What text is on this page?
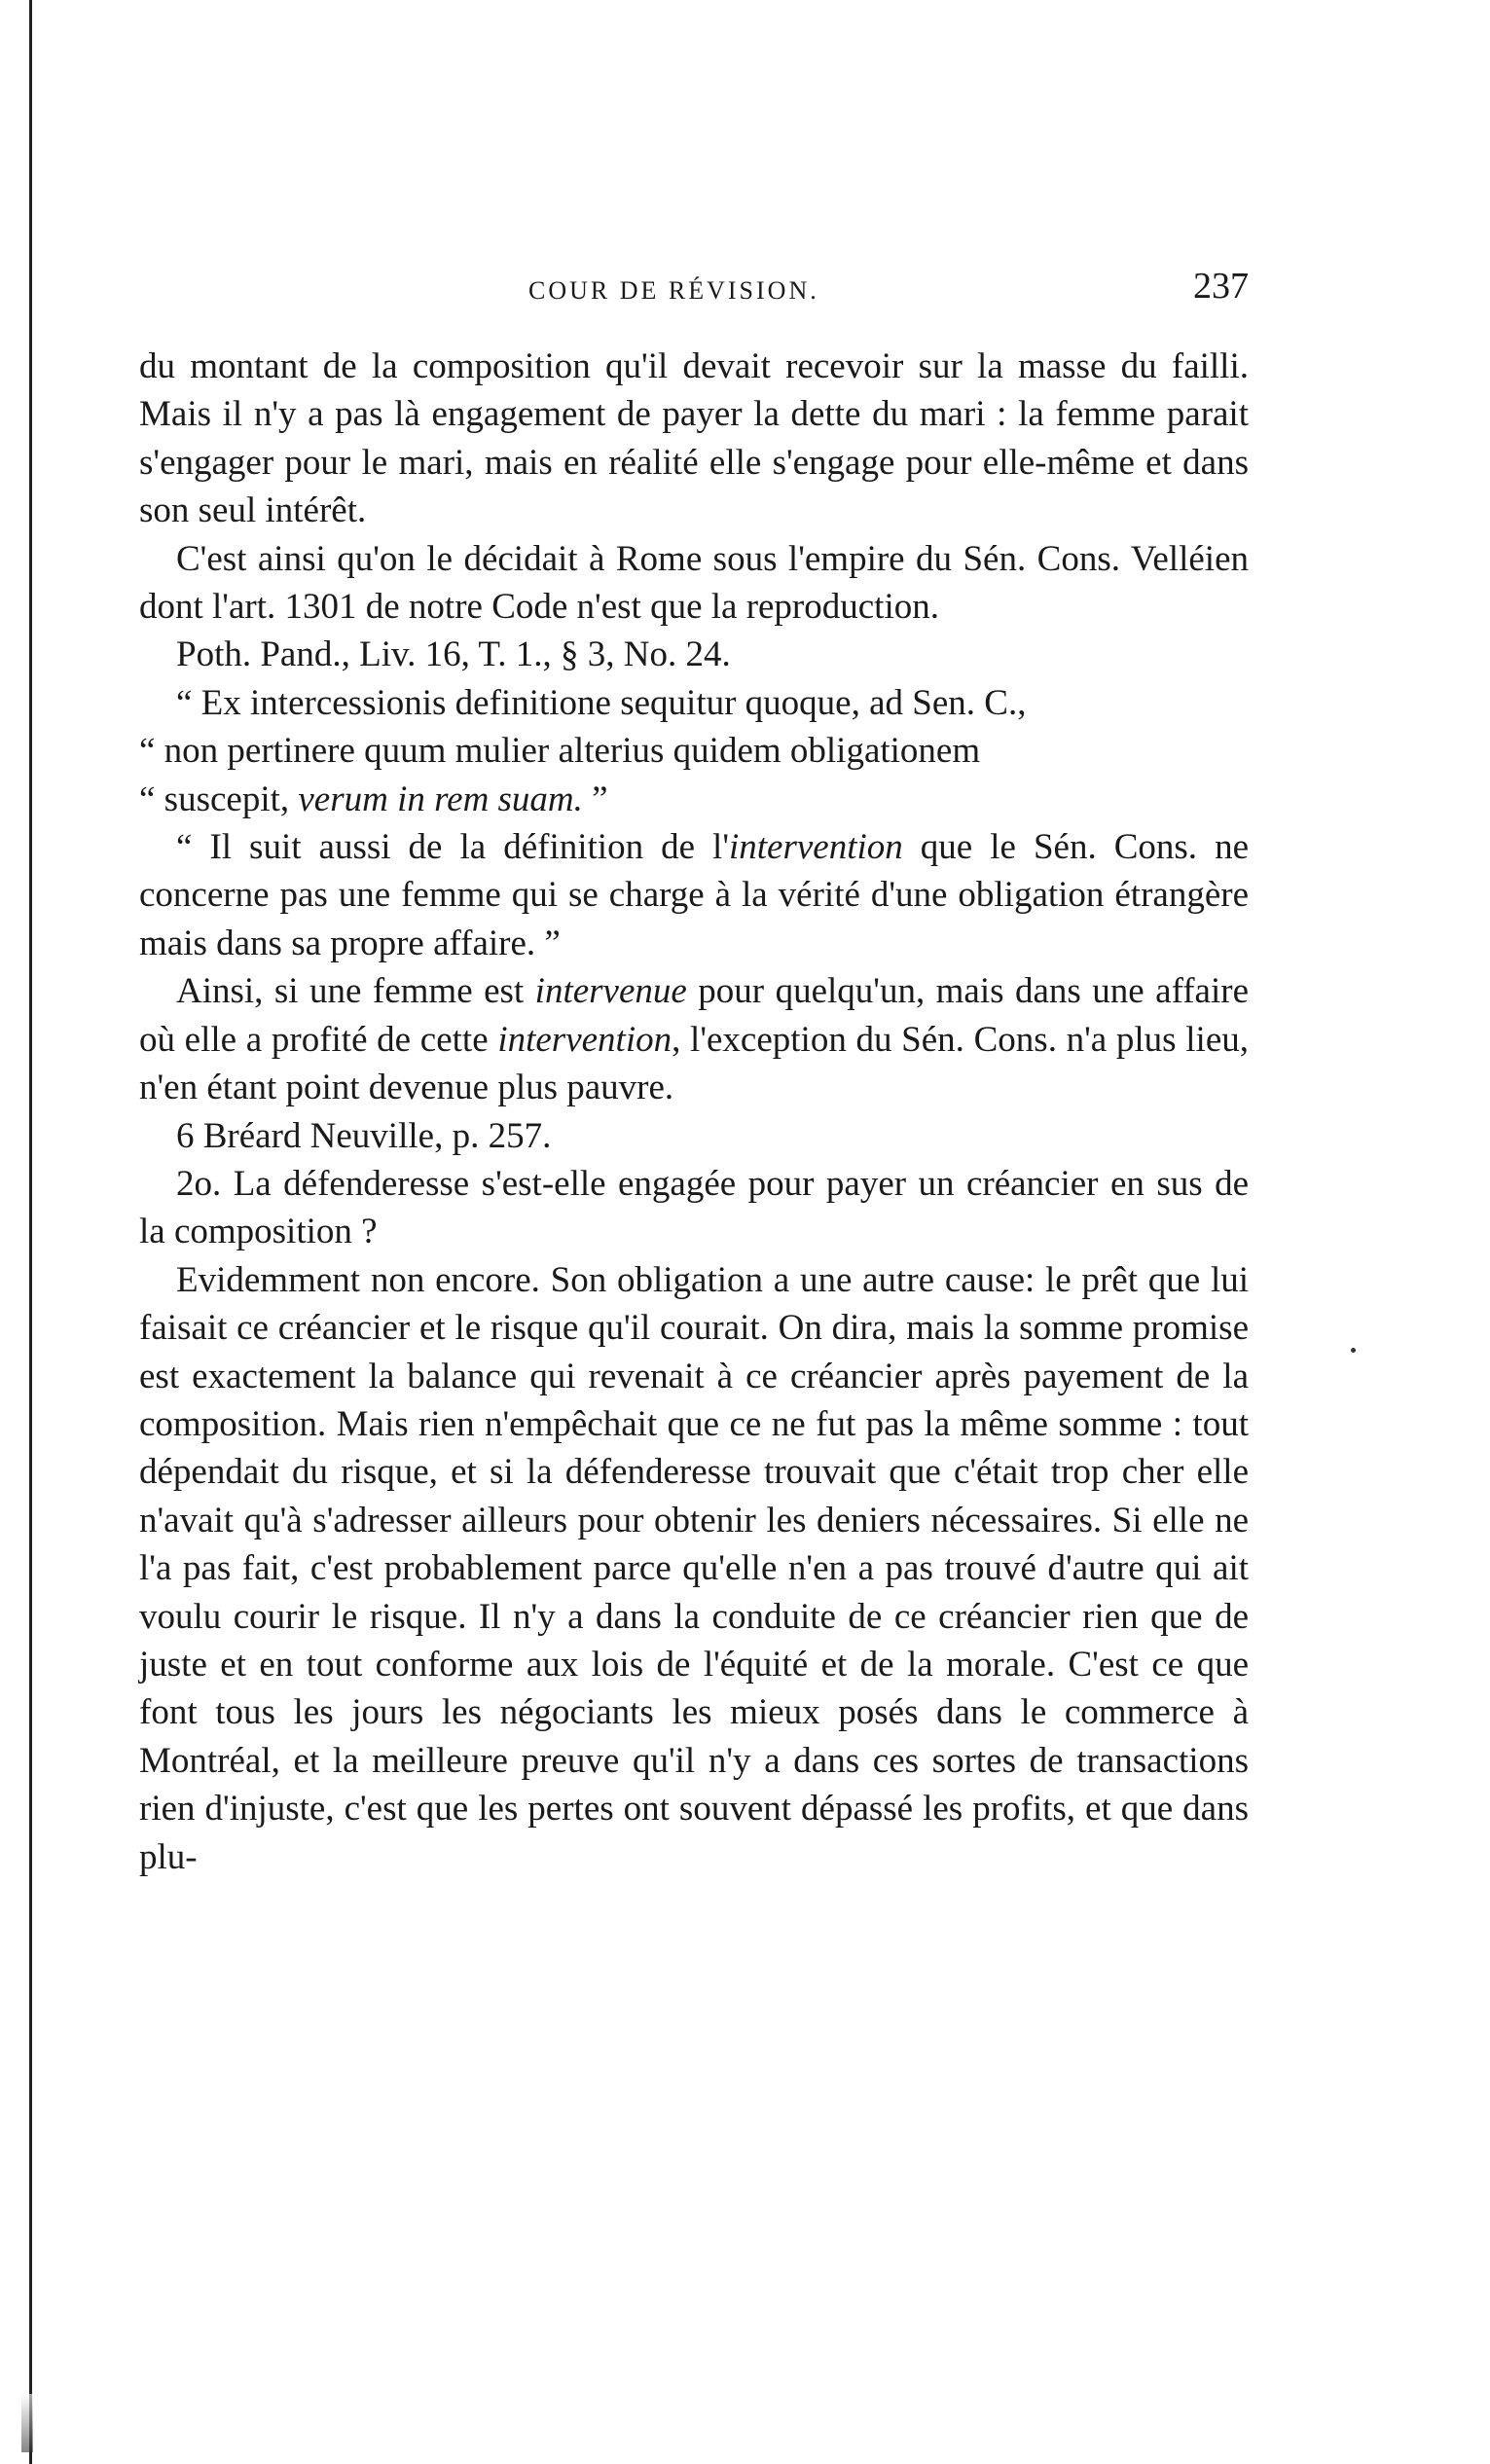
COUR DE RÉVISION.	237

du montant de la composition qu'il devait recevoir sur la masse du failli. Mais il n'y a pas là engagement de payer la dette du mari : la femme parait s'engager pour le mari, mais en réalité elle s'engage pour elle-même et dans son seul intérêt.

C'est ainsi qu'on le décidait à Rome sous l'empire du Sén. Cons. Velléien dont l'art. 1301 de notre Code n'est que la reproduction.

Poth. Pand., Liv. 16, T. 1., § 3, No. 24.

“ Ex intercessionis definitione sequitur quoque, ad Sen. C.,

“ non pertinere quum mulier alterius quidem obligationem

“ suscepit, verum in rem suam. ”

“ Il suit aussi de la définition de l'intervention que le Sén. Cons. ne concerne pas une femme qui se charge à la vérité d'une obligation étrangère mais dans sa propre affaire. ”

Ainsi, si une femme est intervenue pour quelqu'un, mais dans une affaire où elle a profité de cette intervention, l'exception du Sén. Cons. n'a plus lieu, n'en étant point devenue plus pauvre.

6 Bréard Neuville, p. 257.

2o. La défenderesse s'est-elle engagée pour payer un créancier en sus de la composition ?

Evidemment non encore. Son obligation a une autre cause: le prêt que lui faisait ce créancier et le risque qu'il courait. On dira, mais la somme promise est exactement la balance qui revenait à ce créancier après payement de la composition. Mais rien n'empêchait que ce ne fut pas la même somme : tout dépendait du risque, et si la défenderesse trouvait que c'était trop cher elle n'avait qu'à s'adresser ailleurs pour obtenir les deniers nécessaires. Si elle ne l'a pas fait, c'est probablement parce qu'elle n'en a pas trouvé d'autre qui ait voulu courir le risque. Il n'y a dans la conduite de ce créancier rien que de juste et en tout conforme aux lois de l'équité et de la morale. C'est ce que font tous les jours les négociants les mieux posés dans le commerce à Montréal, et la meilleure preuve qu'il n'y a dans ces sortes de transactions rien d'injuste, c'est que les pertes ont souvent dépassé les profits, et que dans plu-
